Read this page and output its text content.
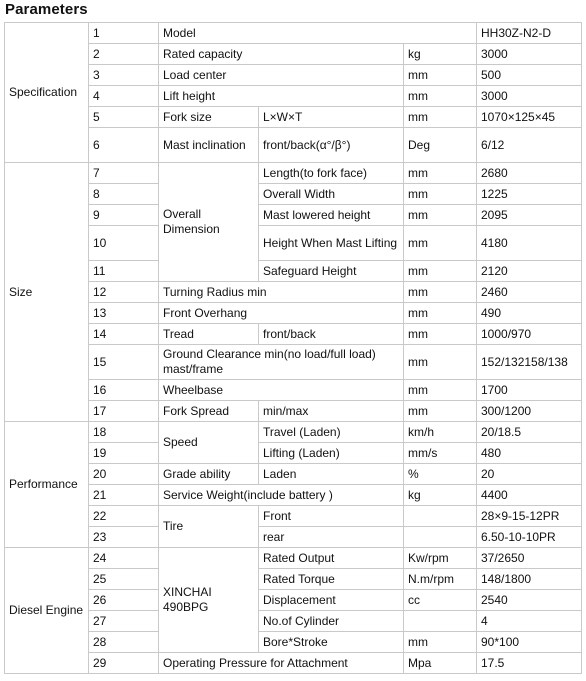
Parameters
Specification	1	Model			HH30Z-N2-D
	2	Rated capacity		kg	3000
	3	Load center		mm	500
	4	Lift height		mm	3000
	5	Fork size	L×W×T	mm	1070×125×45
	6	Mast inclination	front/back(α°/β°)	Deg	6/12
Size	7	Overall Dimension	Length(to fork face)	mm	2680
	8		Overall Width	mm	1225
	9		Mast lowered height	mm	2095
	10		Height When Mast Lifting	mm	4180
	11		Safeguard Height	mm	2120
	12	Turning Radius min		mm	2460
	13	Front Overhang		mm	490
	14	Tread	front/back	mm	1000/970
	15	Ground Clearance min(no load/full load) mast/frame		mm	152/132158/138
	16	Wheelbase		mm	1700
	17	Fork Spread	min/max	mm	300/1200
Performance	18	Speed	Travel (Laden)	km/h	20/18.5
	19		Lifting (Laden)	mm/s	480
	20	Grade ability	Laden	%	20
	21	Service Weight(include battery )		kg	4400
	22	Tire	Front		28×9-15-12PR
	23		rear		6.50-10-10PR
Diesel Engine	24	XINCHAI 490BPG	Rated Output	Kw/rpm	37/2650
	25		Rated Torque	N.m/rpm	148/1800
	26		Displacement	cc	2540
	27		No.of Cylinder		4
	28		Bore*Stroke	mm	90*100
	29	Operating Pressure for Attachment		Mpa	17.5
